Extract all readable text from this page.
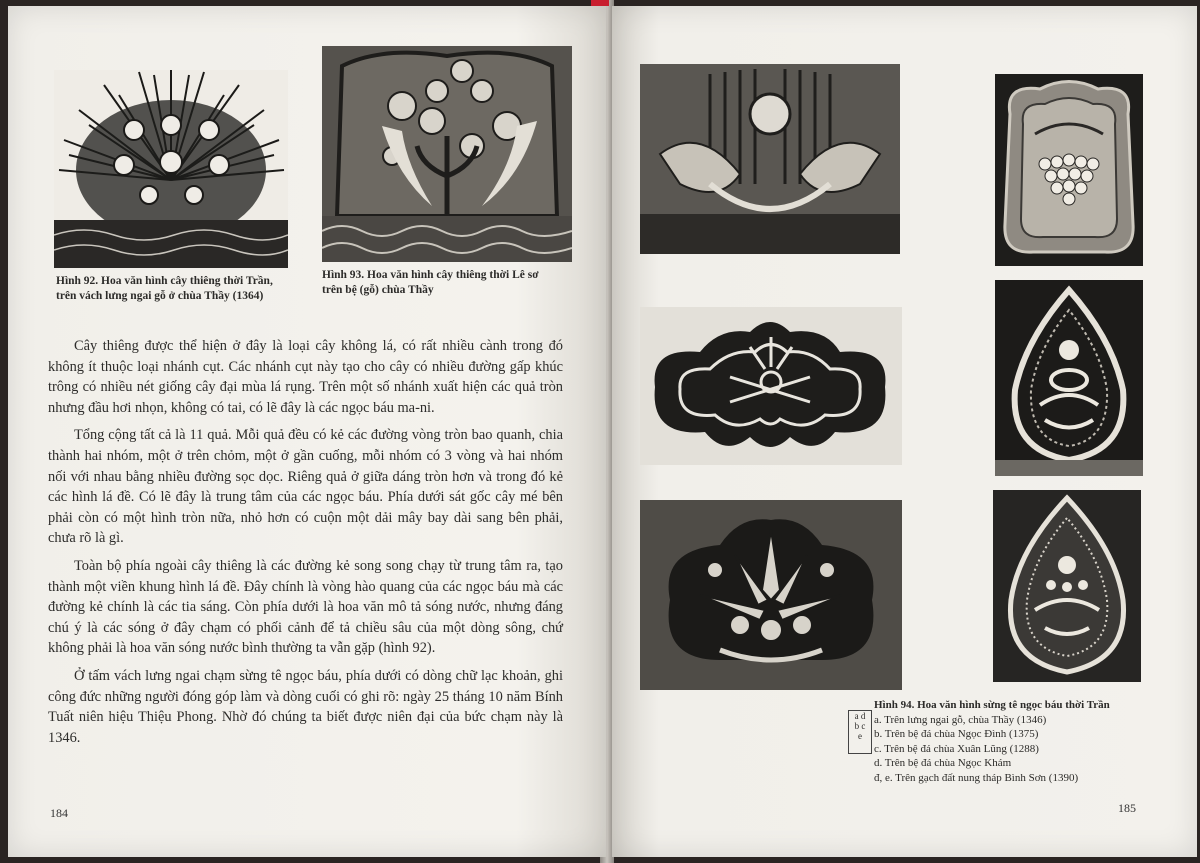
Hình 92. Hoa văn hình cây thiêng thời Trần, trên vách lưng ngai gỗ ở chùa Thầy (1364)
Hình 93. Hoa văn hình cây thiêng thời Lê sơ trên bệ (gỗ) chùa Thầy

Cây thiêng được thể hiện ở đây là loại cây không lá, có rất nhiều cành trong đó không ít thuộc loại nhánh cụt. Các nhánh cụt này tạo cho cây có nhiều đường gấp khúc trông có nhiều nét giống cây đại mùa lá rụng. Trên một số nhánh xuất hiện các quả tròn nhưng đầu hơi nhọn, không có tai, có lẽ đây là các ngọc báu ma-ni.

Tổng cộng tất cả là 11 quả. Mỗi quả đều có kẻ các đường vòng tròn bao quanh, chia thành hai nhóm, một ở trên chỏm, một ở gần cuống, mỗi nhóm có 3 vòng và hai nhóm nối với nhau bằng nhiều đường sọc dọc. Riêng quả ở giữa dáng tròn hơn và trong đó kẻ các hình lá đề. Có lẽ đây là trung tâm của các ngọc báu. Phía dưới sát gốc cây mé bên phải còn có một hình tròn nữa, nhỏ hơn có cuộn một dải mây bay dài sang bên phải, chưa rõ là gì.

Toàn bộ phía ngoài cây thiêng là các đường kẻ song song chạy từ trung tâm ra, tạo thành một viền khung hình lá đề. Đây chính là vòng hào quang của các ngọc báu mà các đường kẻ chính là các tia sáng. Còn phía dưới là hoa văn mô tả sóng nước, nhưng đáng chú ý là các sóng ở đây chạm có phối cảnh để tả chiều sâu của một dòng sông, chứ không phải là hoa văn sóng nước bình thường ta vẫn gặp (hình 92).

Ở tấm vách lưng ngai chạm sừng tê ngọc báu, phía dưới có dòng chữ lạc khoản, ghi công đức những người đóng góp làm và dòng cuối có ghi rõ: ngày 25 tháng 10 năm Bính Tuất niên hiệu Thiệu Phong. Nhờ đó chúng ta biết được niên đại của bức chạm này là 1346.

184
Hình 94. Hoa văn hình sừng tê ngọc báu thời Trần
a d
b c
e
a. Trên lưng ngai gỗ, chùa Thầy (1346)
b. Trên bệ đá chùa Ngọc Đình (1375)
c. Trên bệ đá chùa Xuân Lũng (1288)
d. Trên bệ đá chùa Ngọc Khám
đ, e. Trên gạch đất nung tháp Bình Sơn (1390)
185
